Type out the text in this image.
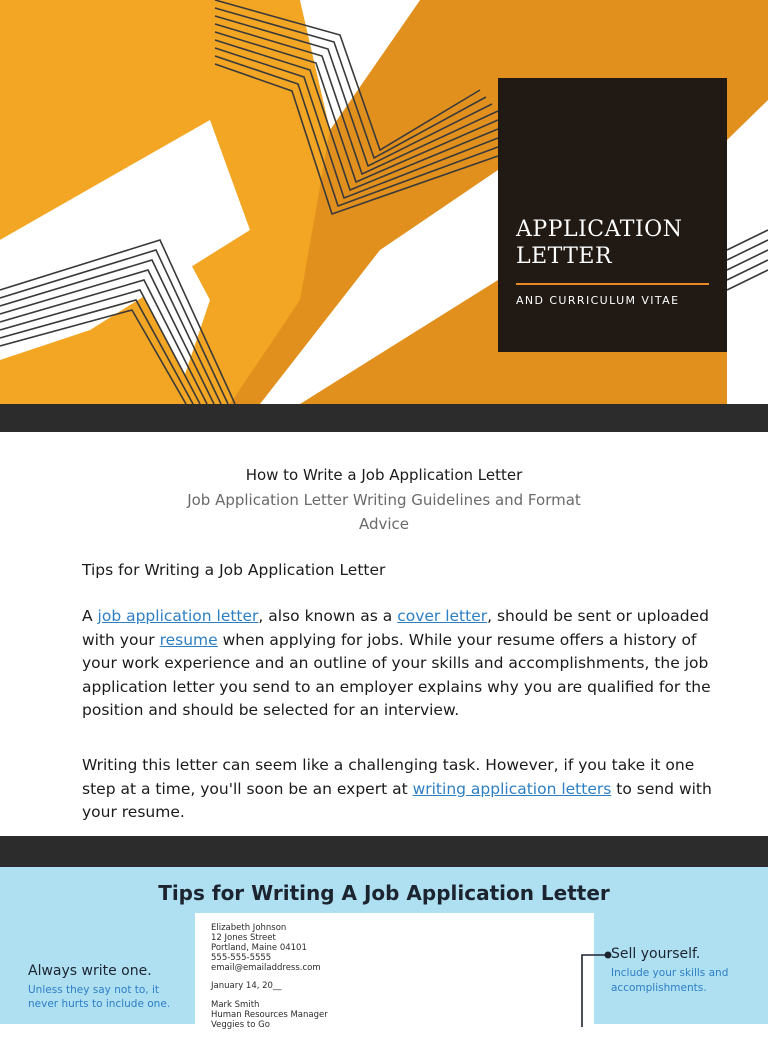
APPLICATION
LETTER
AND CURRICULUM VITAE
How to Write a Job Application Letter
Job Application Letter Writing Guidelines and Format Advice
Tips for Writing a Job Application Letter

A job application letter, also known as a cover letter, should be sent or uploaded with your resume when applying for jobs. While your resume offers a history of your work experience and an outline of your skills and accomplishments, the job application letter you send to an employer explains why you are qualified for the position and should be selected for an interview.

Writing this letter can seem like a challenging task. However, if you take it one step at a time, you'll soon be an expert at writing application letters to send with your resume.

Tips for Writing A Job Application Letter
Elizabeth Johnson
12 Jones Street
Portland, Maine 04101
555-555-5555
email@emailaddress.com
January 14, 20__
Mark Smith
Human Resources Manager
Veggies to Go
Always write one.
Unless they say not to, it never hurts to include one.
Sell yourself.
Include your skills and accomplishments.
